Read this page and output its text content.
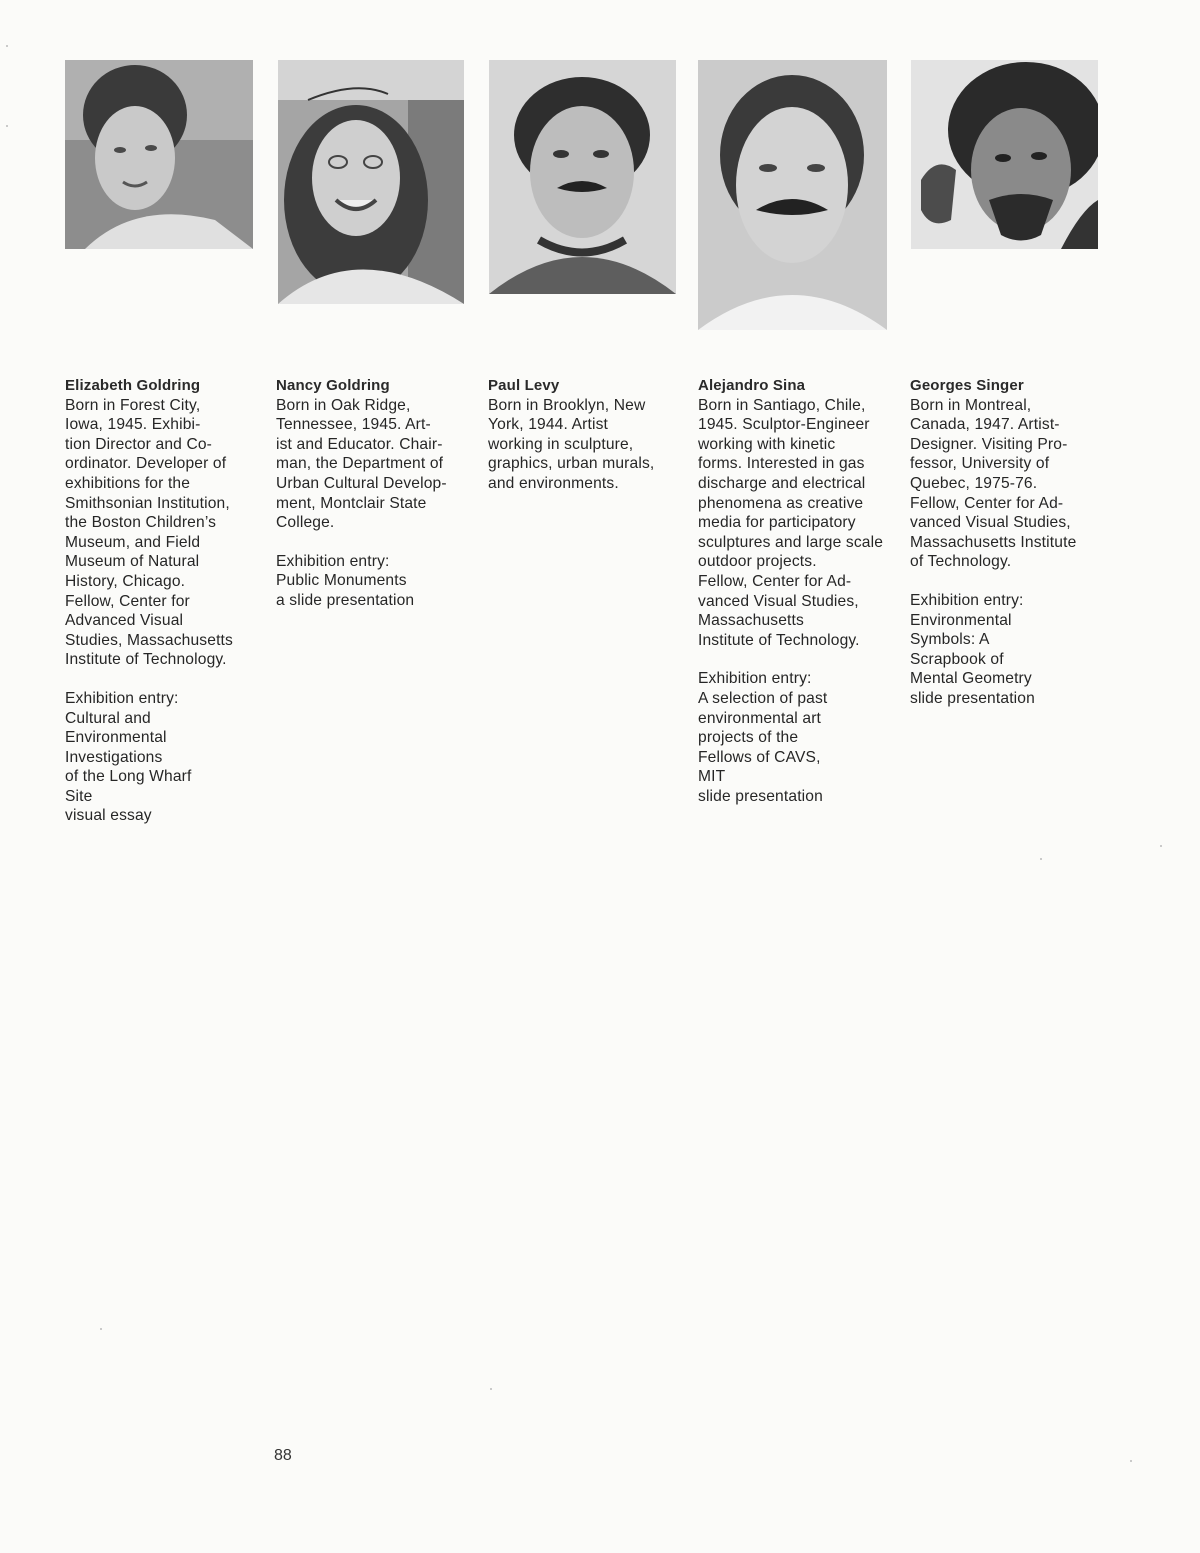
Elizabeth Goldring
Born in Forest City,
Iowa, 1945. Exhibi-
tion Director and Co-
ordinator. Developer of
exhibitions for the
Smithsonian Institution,
the Boston Children’s
Museum, and Field
Museum of Natural
History, Chicago.
Fellow, Center for
Advanced Visual
Studies, Massachusetts
Institute of Technology.
Exhibition entry:
Cultural and
Environmental
Investigations
of the Long Wharf
Site
visual essay
Nancy Goldring
Born in Oak Ridge,
Tennessee, 1945. Art-
ist and Educator. Chair-
man, the Department of
Urban Cultural Develop-
ment, Montclair State
College.
Exhibition entry:
Public Monuments
a slide presentation
Paul Levy
Born in Brooklyn, New
York, 1944. Artist
working in sculpture,
graphics, urban murals,
and environments.
Alejandro Sina
Born in Santiago, Chile,
1945. Sculptor-Engineer
working with kinetic
forms. Interested in gas
discharge and electrical
phenomena as creative
media for participatory
sculptures and large scale
outdoor projects.
Fellow, Center for Ad-
vanced Visual Studies,
Massachusetts
Institute of Technology.
Exhibition entry:
A selection of past
environmental art
projects of the
Fellows of CAVS,
MIT
slide presentation
Georges Singer
Born in Montreal,
Canada, 1947. Artist-
Designer. Visiting Pro-
fessor, University of
Quebec, 1975-76.
Fellow, Center for Ad-
vanced Visual Studies,
Massachusetts Institute
of Technology.
Exhibition entry:
Environmental
Symbols: A
Scrapbook of
Mental Geometry
slide presentation
88
